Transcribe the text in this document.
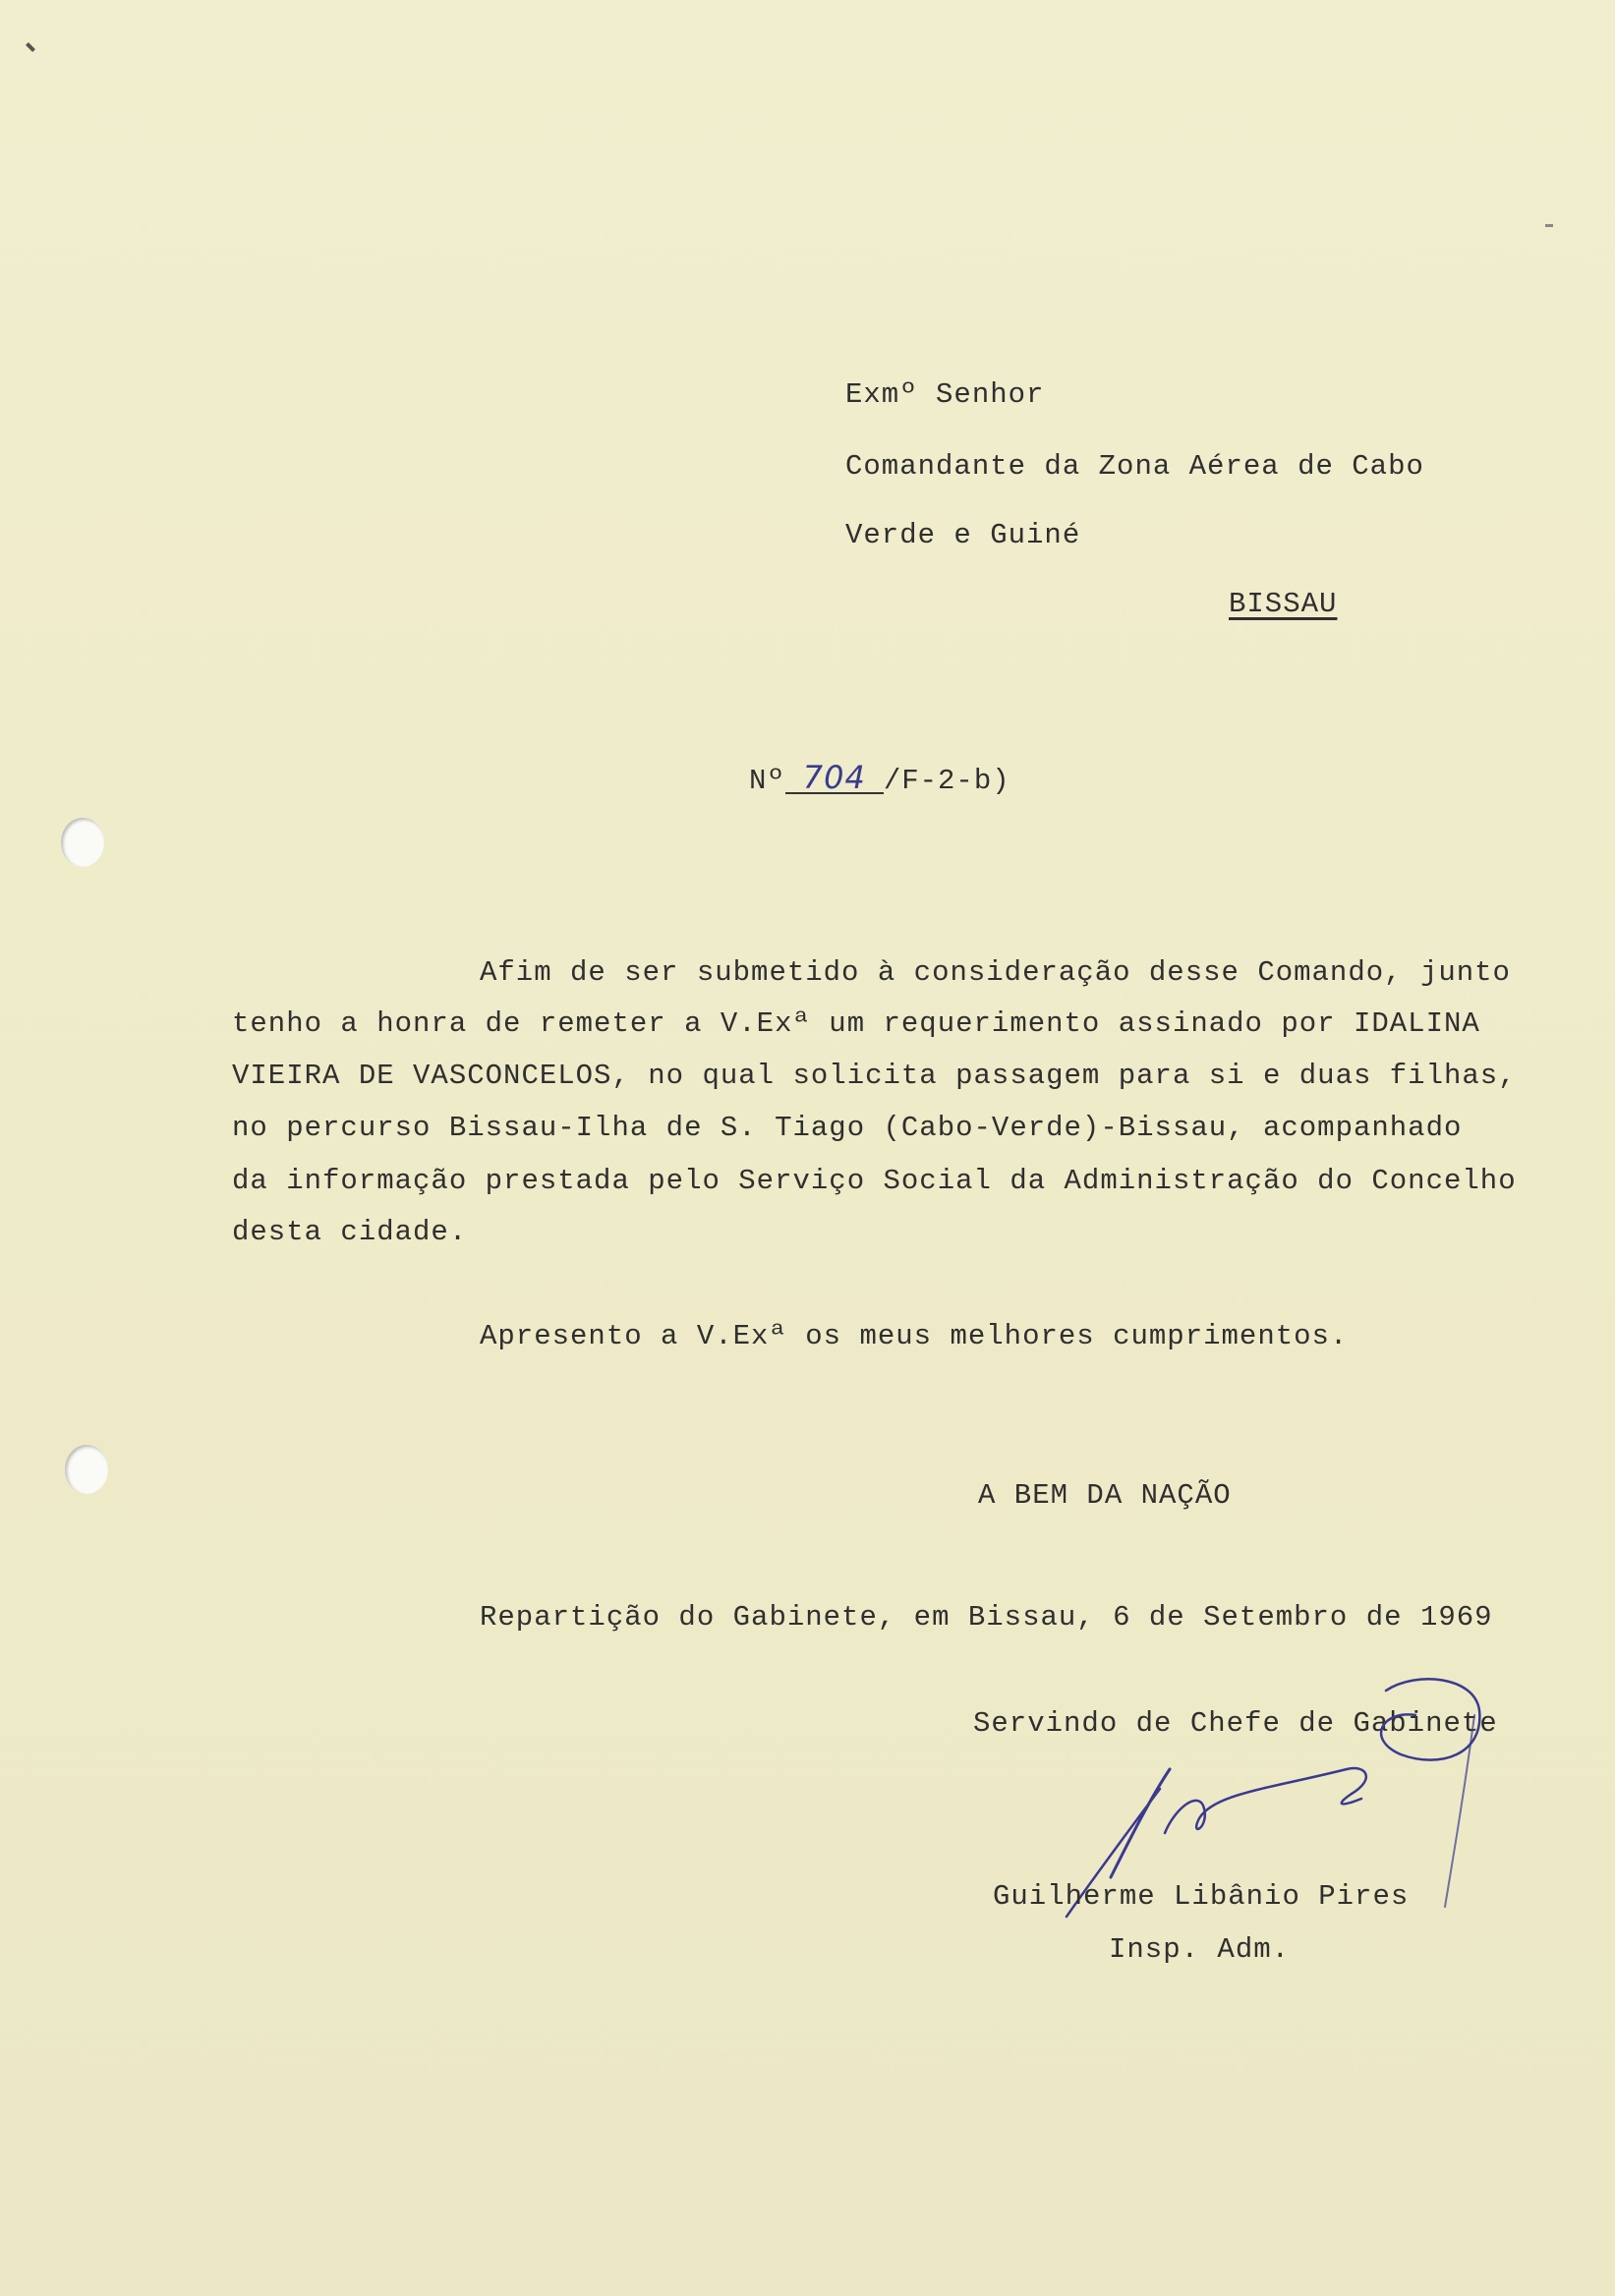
Exmº Senhor

Comandante da Zona Aérea de Cabo

Verde e Guiné

BISSAU

Nº 704 /F-2-b)

Afim de ser submetido à consideração desse Comando, junto

tenho a honra de remeter a V.Exª um requerimento assinado por IDALINA

VIEIRA DE VASCONCELOS, no qual solicita passagem para si e duas filhas,

no percurso Bissau-Ilha de S. Tiago (Cabo-Verde)-Bissau, acompanhado

da informação prestada pelo Serviço Social da Administração do Concelho

desta cidade.

Apresento a V.Exª os meus melhores cumprimentos.

A BEM DA NAÇÃO

Repartição do Gabinete, em Bissau, 6 de Setembro de 1969

Servindo de Chefe de Gabinete

Guilherme Libânio Pires

Insp. Adm.
